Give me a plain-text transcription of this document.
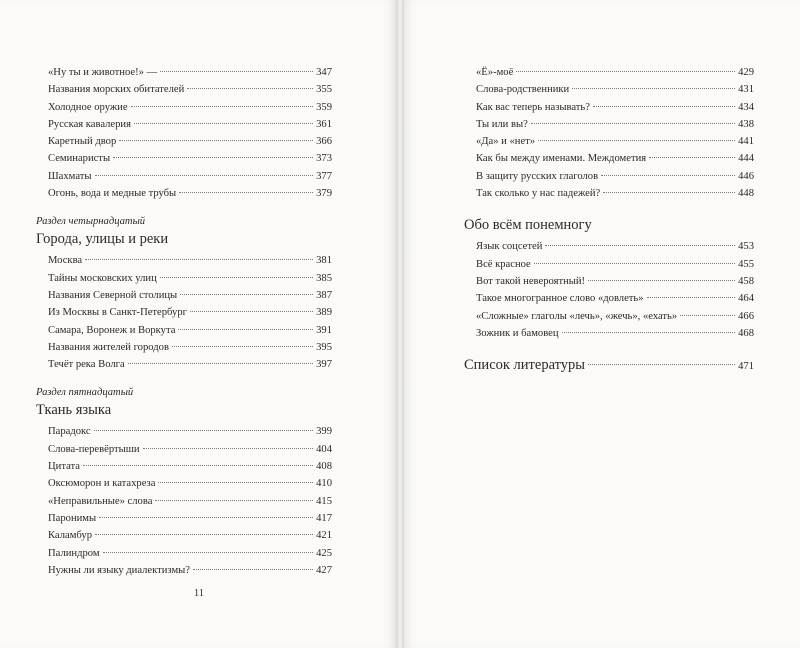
«Ну ты и животное!» —	347
Названия морских обитателей	355
Холодное оружие	359
Русская кавалерия	361
Каретный двор	366
Семинаристы	373
Шахматы	377
Огонь, вода и медные трубы	379
Раздел четырнадцатый
Города, улицы и реки
Москва	381
Тайны московских улиц	385
Названия Северной столицы	387
Из Москвы в Санкт-Петербург	389
Самара, Воронеж и Воркута	391
Названия жителей городов	395
Течёт река Волга	397
Раздел пятнадцатый
Ткань языка
Парадокс	399
Слова-перевёртыши	404
Цитата	408
Оксюморон и катахреза	410
«Неправильные» слова	415
Паронимы	417
Каламбур	421
Палиндром	425
Нужны ли языку диалектизмы?	427
11
«Ё»-моё	429
Слова-родственники	431
Как вас теперь называть?	434
Ты или вы?	438
«Да» и «нет»	441
Как бы между именами. Междометия	444
В защиту русских глаголов	446
Так сколько у нас падежей?	448
Обо всём понемногу
Язык соцсетей	453
Всё красное	455
Вот такой невероятный!	458
Такое многогранное слово «довлеть»	464
«Сложные» глаголы «лечь», «жечь», «ехать»	466
Зожник и бамовец	468
Список литературы	471
